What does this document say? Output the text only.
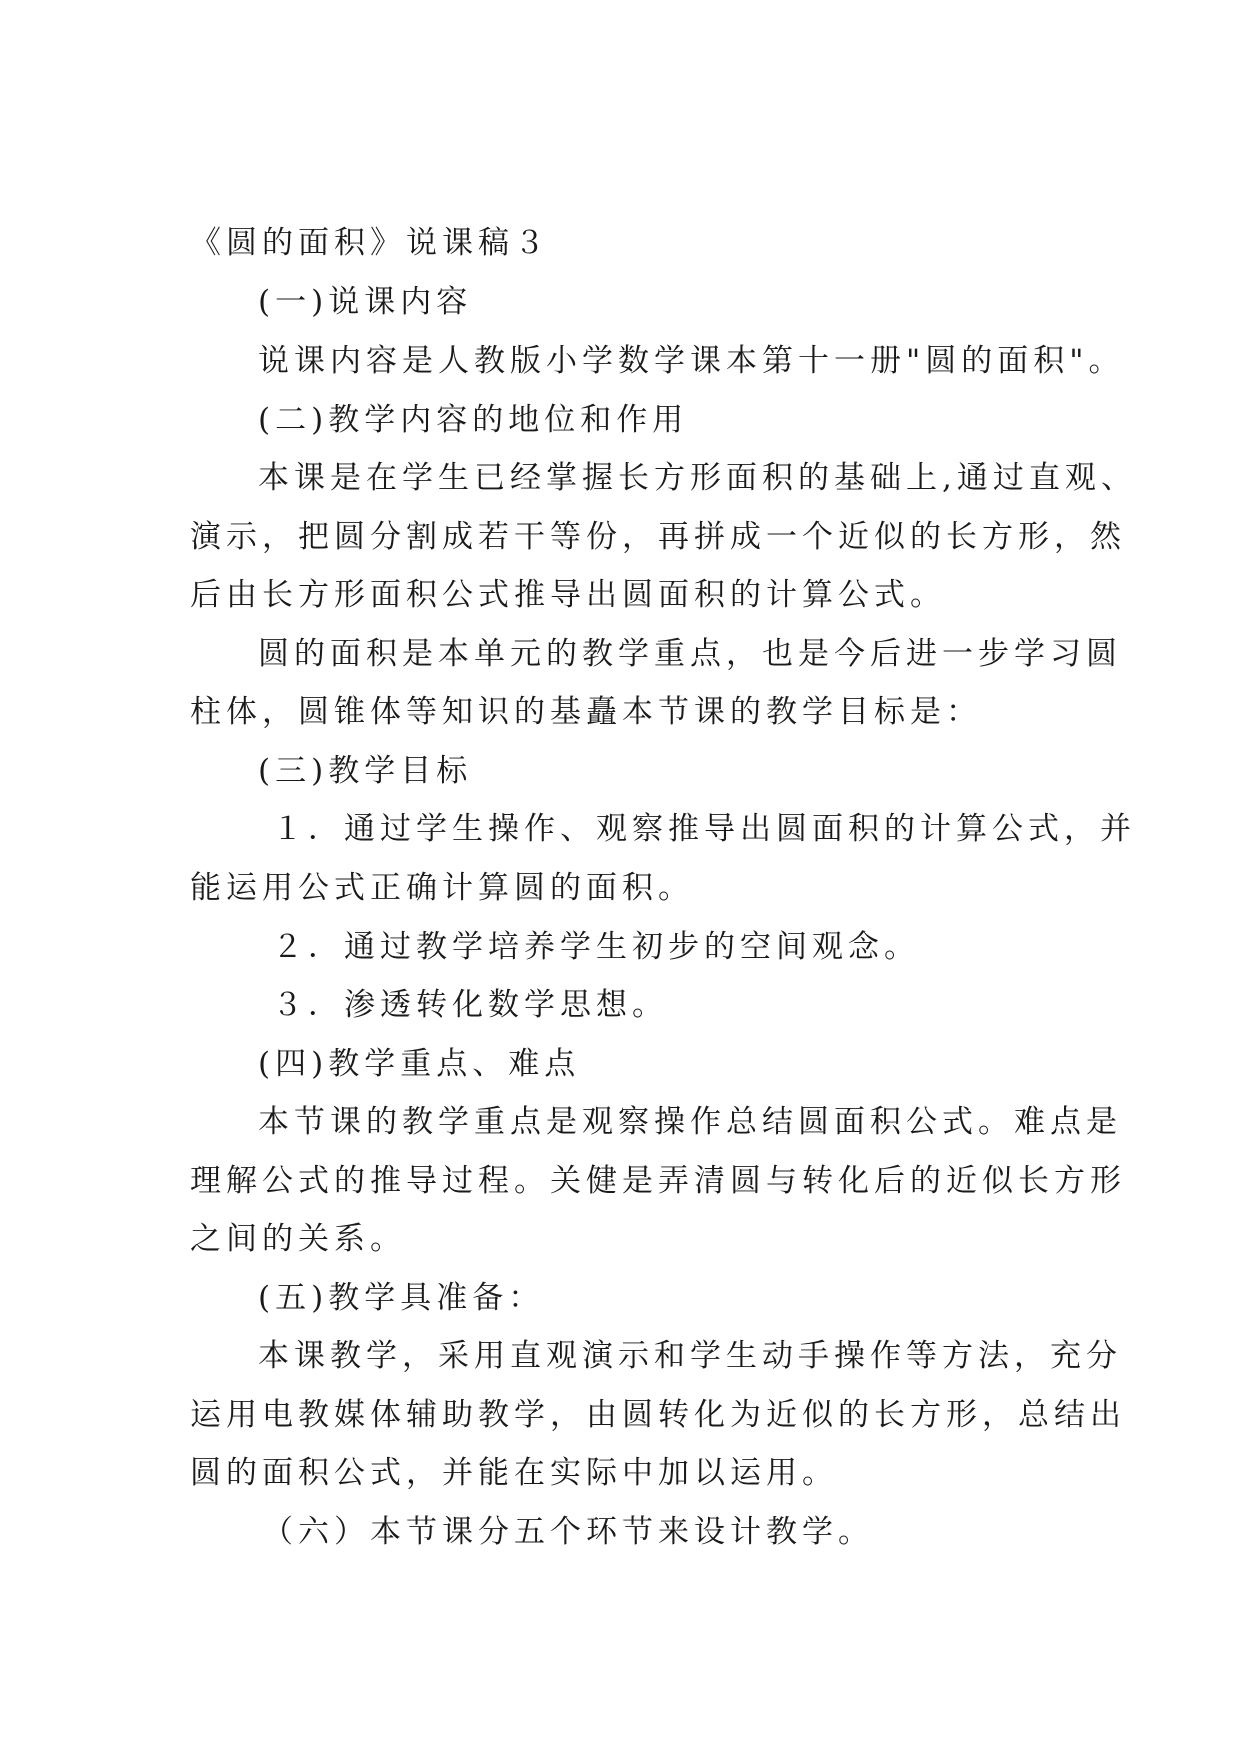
《圆的面积》说课稿３
(一)说课内容
说课内容是人教版小学数学课本第十一册"圆的面积"。
(二)教学内容的地位和作用
本课是在学生已经掌握长方形面积的基础上,通过直观、
演示，把圆分割成若干等份，再拼成一个近似的长方形，然
后由长方形面积公式推导出圆面积的计算公式。
圆的面积是本单元的教学重点，也是今后进一步学习圆
柱体，圆锥体等知识的基矗本节课的教学目标是：
(三)教学目标
１．通过学生操作、观察推导出圆面积的计算公式，并
能运用公式正确计算圆的面积。
２．通过教学培养学生初步的空间观念。
３．渗透转化数学思想。
(四)教学重点、难点
本节课的教学重点是观察操作总结圆面积公式。难点是
理解公式的推导过程。关健是弄清圆与转化后的近似长方形
之间的关系。
(五)教学具准备：
本课教学，采用直观演示和学生动手操作等方法，充分
运用电教媒体辅助教学，由圆转化为近似的长方形，总结出
圆的面积公式，并能在实际中加以运用。
（六）本节课分五个环节来设计教学。
